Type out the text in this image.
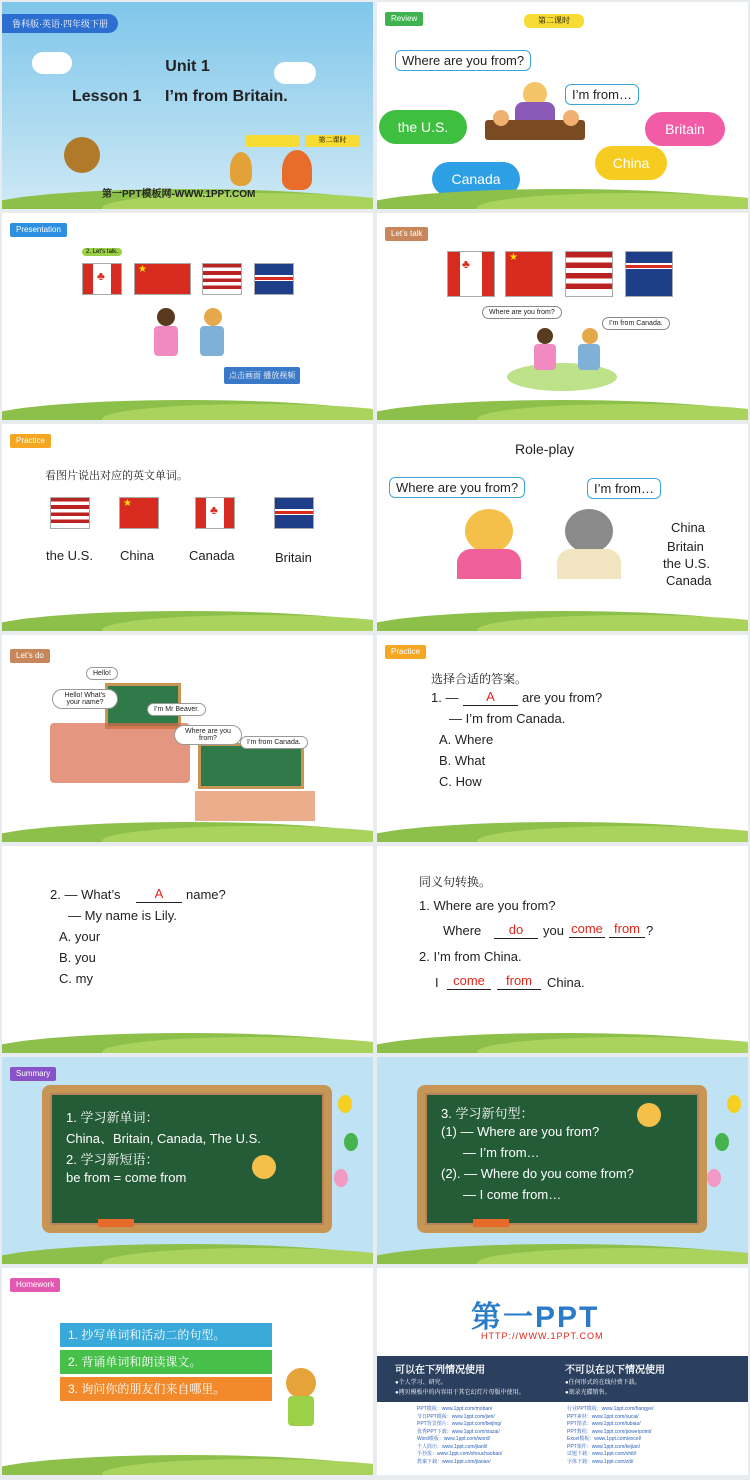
鲁科版·英语·四年级下册
Unit 1
Lesson 1 I’m from Britain.
第二课时
第一PPT模板网-WWW.1PPT.COM
Review	第二课时
Where are you from?
I’m from…
the U.S.	Britain
Canada
China
Presentation
2. Let’s talk.
♣
★
点击画面 播放视频
Let’s talk
♣
★
Where are you from?
I’m from Canada.
Practice
看图片说出对应的英文单词。
★
♣
the U.S. China	Canada	Britain
Role-play
Where are you from?	I’m from…
China
Britain
the U.S.
Canada
Let’s do
Hello!
Hello! What’s your name?
I’m Mr Beaver.
Where are you from?
I’m from Canada.
Practice
选择合适的答案。
1. —	A	are you from?
— I’m from Canada.
A. Where
B. What
C. How
2. — What’s	A	name?
— My name is Lily.
A. your
B. you
C. my
同义句转换。
1. Where are you from?
Where	do	you come from ?
2. I’m from China.
I	come	from	China.
Summary
1. 学习新单词：
China、Britain, Canada, The U.S.
2. 学习新短语：
be from = come from
3. 学习新句型：
(1) — Where are you from?
— I’m from…
(2). — Where do you come from?
— I come from…
Homework
1. 抄写单词和活动二的句型。
2. 背诵单词和朗读课文。
3. 询问你的朋友们来自哪里。
第一PPT
HTTP://WWW.1PPT.COM
可以在下列情况使用
●个人学习、研究。
●拷贝模板中的内容用于其它幻灯片母版中使用。
不可以在以下情况使用
●任何形式的在线付费下载。
●刻录光碟销售。
PPT模板：www.1ppt.com/moban/
节日PPT模板：www.1ppt.com/jieri/
PPT背景图片：www.1ppt.com/beijing/
优秀PPT下载：www.1ppt.com/xiazai/
Word模板：www.1ppt.com/word/
个人简历：www.1ppt.com/jianli/
手抄报：www.1ppt.com/shouchaobao/
教案下载：www.1ppt.com/jiaoan/
行业PPT模板：www.1ppt.com/hangye/
PPT素材：www.1ppt.com/sucai/
PPT图表：www.1ppt.com/tubiao/
PPT教程：www.1ppt.com/powerpoint/
Excel模板：www.1ppt.com/excel/
PPT课件：www.1ppt.com/kejian/
试题下载：www.1ppt.com/shiti/
字体下载：www.1ppt.com/ziti/
